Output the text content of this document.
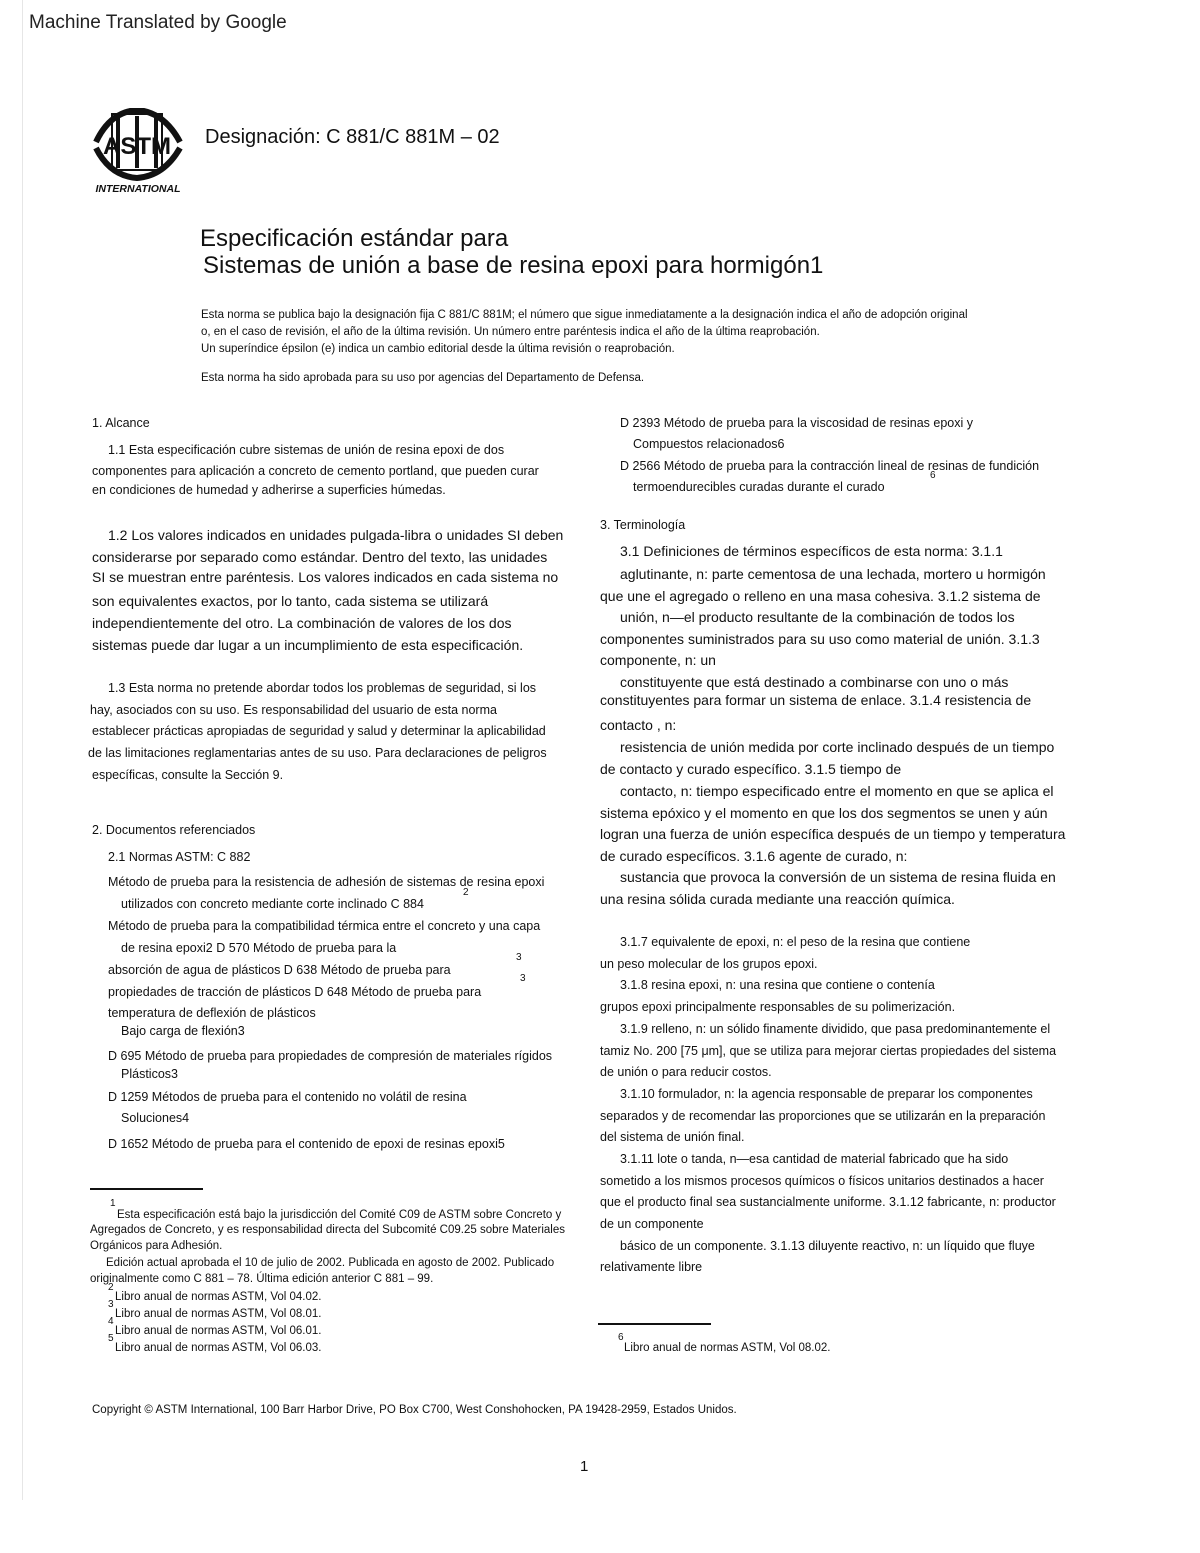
Machine Translated by Google
ASTM
INTERNATIONAL
Designación: C 881/C 881M – 02
Especificación estándar para
Sistemas de unión a base de resina epoxi para hormigón1
Esta norma se publica bajo la designación fija C 881/C 881M; el número que sigue inmediatamente a la designación indica el año de adopción original
o, en el caso de revisión, el año de la última revisión. Un número entre paréntesis indica el año de la última reaprobación.
Un superíndice épsilon (e) indica un cambio editorial desde la última revisión o reaprobación.
Esta norma ha sido aprobada para su uso por agencias del Departamento de Defensa.
1. Alcance
1.1 Esta especificación cubre sistemas de unión de resina epoxi de dos
componentes para aplicación a concreto de cemento portland, que pueden curar
en condiciones de humedad y adherirse a superficies húmedas.
1.2 Los valores indicados en unidades pulgada-libra o unidades SI deben
considerarse por separado como estándar. Dentro del texto, las unidades
SI se muestran entre paréntesis. Los valores indicados en cada sistema no
son equivalentes exactos, por lo tanto, cada sistema se utilizará
independientemente del otro. La combinación de valores de los dos
sistemas puede dar lugar a un incumplimiento de esta especificación.
1.3 Esta norma no pretende abordar todos los problemas de seguridad, si los
hay, asociados con su uso. Es responsabilidad del usuario de esta norma
establecer prácticas apropiadas de seguridad y salud y determinar la aplicabilidad
de las limitaciones reglamentarias antes de su uso. Para declaraciones de peligros
específicas, consulte la Sección 9.
2. Documentos referenciados
2.1 Normas ASTM: C 882
Método de prueba para la resistencia de adhesión de sistemas de resina epoxi
utilizados con concreto mediante corte inclinado C 884
2
Método de prueba para la compatibilidad térmica entre el concreto y una capa
de resina epoxi2 D 570 Método de prueba para la
absorción de agua de plásticos D 638 Método de prueba para
3
propiedades de tracción de plásticos D 648 Método de prueba para
3
temperatura de deflexión de plásticos
Bajo carga de flexión3
D 695 Método de prueba para propiedades de compresión de materiales rígidos
Plásticos3
D 1259 Métodos de prueba para el contenido no volátil de resina
Soluciones4
D 1652 Método de prueba para el contenido de epoxi de resinas epoxi5
1
Esta especificación está bajo la jurisdicción del Comité C09 de ASTM sobre Concreto y
Agregados de Concreto, y es responsabilidad directa del Subcomité C09.25 sobre Materiales
Orgánicos para Adhesión.
Edición actual aprobada el 10 de julio de 2002. Publicada en agosto de 2002. Publicado
originalmente como C 881 – 78. Última edición anterior C 881 – 99.
2
Libro anual de normas ASTM, Vol 04.02.
3
Libro anual de normas ASTM, Vol 08.01.
4
Libro anual de normas ASTM, Vol 06.01.
5
Libro anual de normas ASTM, Vol 06.03.
D 2393 Método de prueba para la viscosidad de resinas epoxi y
Compuestos relacionados6
D 2566 Método de prueba para la contracción lineal de resinas de fundición
termoendurecibles curadas durante el curado
6
3. Terminología
3.1 Definiciones de términos específicos de esta norma: 3.1.1
aglutinante, n: parte cementosa de una lechada, mortero u hormigón
que une el agregado o relleno en una masa cohesiva. 3.1.2 sistema de
unión, n—el producto resultante de la combinación de todos los
componentes suministrados para su uso como material de unión. 3.1.3
componente, n: un
constituyente que está destinado a combinarse con uno o más
constituyentes para formar un sistema de enlace. 3.1.4 resistencia de
contacto , n:
resistencia de unión medida por corte inclinado después de un tiempo
de contacto y curado específico. 3.1.5 tiempo de
contacto, n: tiempo especificado entre el momento en que se aplica el
sistema epóxico y el momento en que los dos segmentos se unen y aún
logran una fuerza de unión específica después de un tiempo y temperatura
de curado específicos. 3.1.6 agente de curado, n:
sustancia que provoca la conversión de un sistema de resina fluida en
una resina sólida curada mediante una reacción química.
3.1.7 equivalente de epoxi, n: el peso de la resina que contiene
un peso molecular de los grupos epoxi.
3.1.8 resina epoxi, n: una resina que contiene o contenía
grupos epoxi principalmente responsables de su polimerización.
3.1.9 relleno, n: un sólido finamente dividido, que pasa predominantemente el
tamiz No. 200 [75 μm], que se utiliza para mejorar ciertas propiedades del sistema
de unión o para reducir costos.
3.1.10 formulador, n: la agencia responsable de preparar los componentes
separados y de recomendar las proporciones que se utilizarán en la preparación
del sistema de unión final.
3.1.11 lote o tanda, n—esa cantidad de material fabricado que ha sido
sometido a los mismos procesos químicos o físicos unitarios destinados a hacer
que el producto final sea sustancialmente uniforme. 3.1.12 fabricante, n: productor
de un componente
básico de un componente. 3.1.13 diluyente reactivo, n: un líquido que fluye
relativamente libre
6
Libro anual de normas ASTM, Vol 08.02.
Copyright © ASTM International, 100 Barr Harbor Drive, PO Box C700, West Conshohocken, PA 19428-2959, Estados Unidos.
1
